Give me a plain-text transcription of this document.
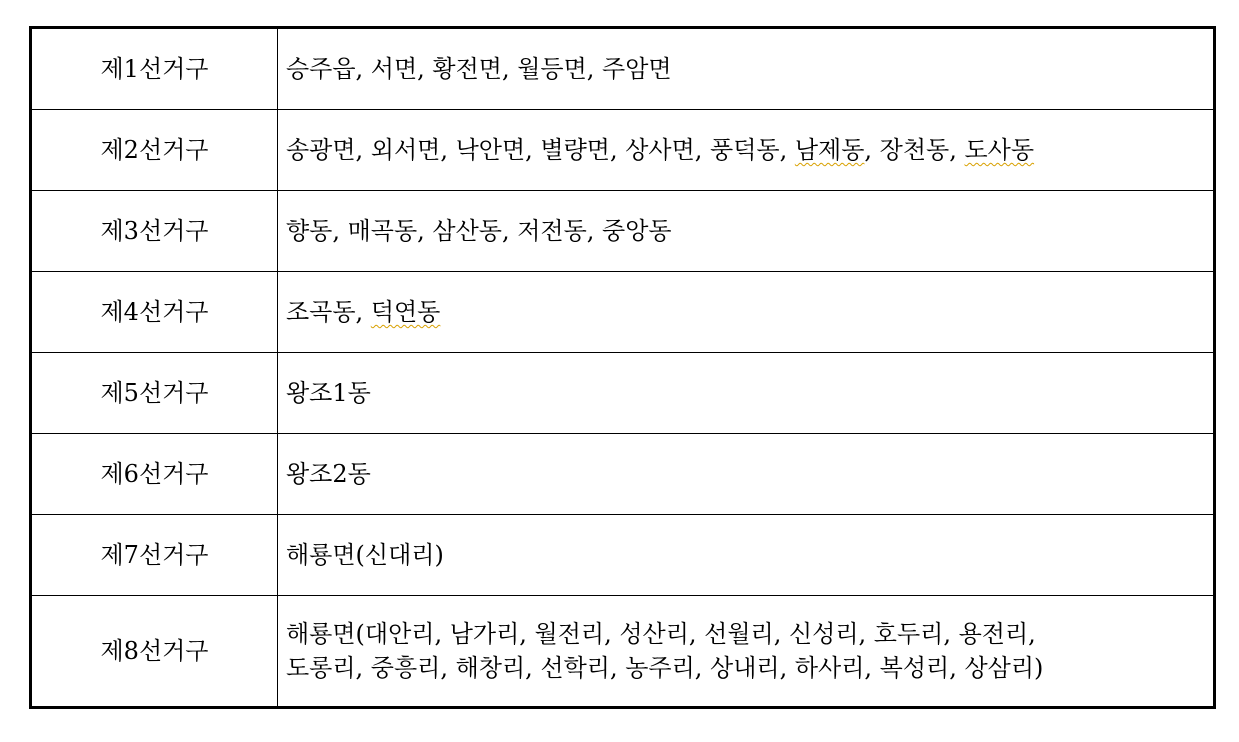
제1선거구	승주읍, 서면, 황전면, 월등면, 주암면
제2선거구	송광면, 외서면, 낙안면, 별량면, 상사면, 풍덕동, 남제동, 장천동, 도사동
제3선거구	향동, 매곡동, 삼산동, 저전동, 중앙동
제4선거구	조곡동, 덕연동
제5선거구	왕조1동
제6선거구	왕조2동
제7선거구	해룡면(신대리)
제8선거구	해룡면(대안리, 남가리, 월전리, 성산리, 선월리, 신성리, 호두리, 용전리,
도롱리, 중흥리, 해창리, 선학리, 농주리, 상내리, 하사리, 복성리, 상삼리)
